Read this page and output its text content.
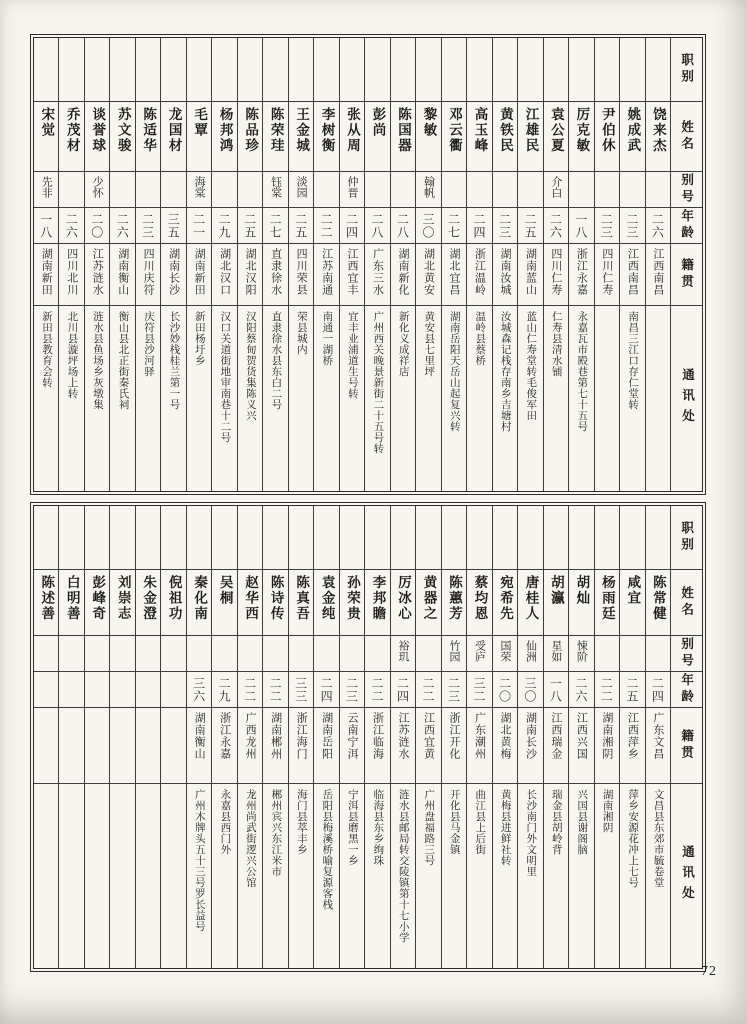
宋觉
先非
一八
湖南新田
新田县教育会转
乔茂材
二六
四川北川
北川县漩坪场上转
谈誉球
少怀
二〇
江苏涟水
涟水县鱼场乡灰墩集
苏文骏
二六
湖南衡山
衡山县北正街秦氏祠
陈适华
二三
四川庆符
庆符县沙河驿
龙国材
三五
湖南长沙
长沙妙栈桂兰第一号
毛覃
海棠
二一
湖南新田
新田杨圩乡
杨邦鸿
二九
湖北汉口
汉口关道街地审南巷十二号
陈品珍
二五
湖北汉阳
汉阳蔡甸贺货集陈义兴
陈荣珪
钰棠
二七
直隶徐水
直隶徐水县东白二号
王金城
淡园
二五
四川荣县
荣县城内
李树衡
二二
江苏南通
南通一湖桥
张从周
仲晋
二四
江西宜丰
宜丰业浦道生号转
彭尚
二八
广东三水
广州西关晚景新街二十五号转
陈国器
二八
湖南新化
新化义成祥店
黎敏
翰帆
三〇
湖北黄安
黄安县七里坪
邓云衢
二七
湖北宜昌
湖南岳阳天岳山起复兴转
高玉峰
二四
浙江温岭
温岭县蔡桥
黄铁民
二三
湖南汝城
汝城森记栈存南乡吉塘村
江雄民
二五
湖南蓝山
蓝山仁寿堂转毛俊军田
袁公夏
介白
二六
四川仁寿
仁寿县清水铺
厉克敏
一八
浙江永嘉
永嘉瓦市殿巷第七十五号
尹伯休
二三
四川仁寿
姚成武
二三
江西南昌
南昌三江口存仁堂转
饶来杰
二六
江西南昌
职别
姓名
别号
年龄
籍贯
通讯处
陈述善 白明善 彭峰奇 刘崇志 朱金澄 倪祖功 秦化南
三六
湖南衡山
广州木牌头五十三号罗长益号
吴桐
二九
浙江永嘉
永嘉县西门外
赵华西
二二
广西龙州
龙州尚武街逻兴公馆
陈诗传
二二
湖南郴州
郴州宾兴东江米市
陈真吾
三三
浙江海门
海门县萃丰乡
袁金纯
二四
湖南岳阳
岳阳县梅溪桥喻复源客栈
孙荣贵
二三
云南宁洱
宁洱县磨黑一乡
李邦瞻
二二
浙江临海
临海县东乡绚珠
厉冰心
裕玑
二四
江苏涟水
涟水县邮局转交陵镇第十七小学
黄器之
二二
江西宜黄
广州盘福路三号
陈蕙芳
竹园
二三
浙江开化
开化县马金镇
蔡均恩
受庐
三二
广东潮州
曲江县上后街
宛希先
国荣
二〇
湖北黄梅
黄梅县进鲜社转
唐桂人
仙洲
三〇
湖南长沙
长沙南门外文明里
胡瀛
星如
一八
江西瑞金
瑞金县胡岭背
胡灿
悚阶
二六
江西兴国
兴国县谢阁脑
杨雨廷
二二
湖南湘阴
湖南湘阴
咸宜
二五
江西萍乡
萍乡安源花冲上七号
陈常健
二四
广东文昌
文昌县东郊市毓卷堂
职别
姓名
别号
年龄
籍贯
通讯处
72
